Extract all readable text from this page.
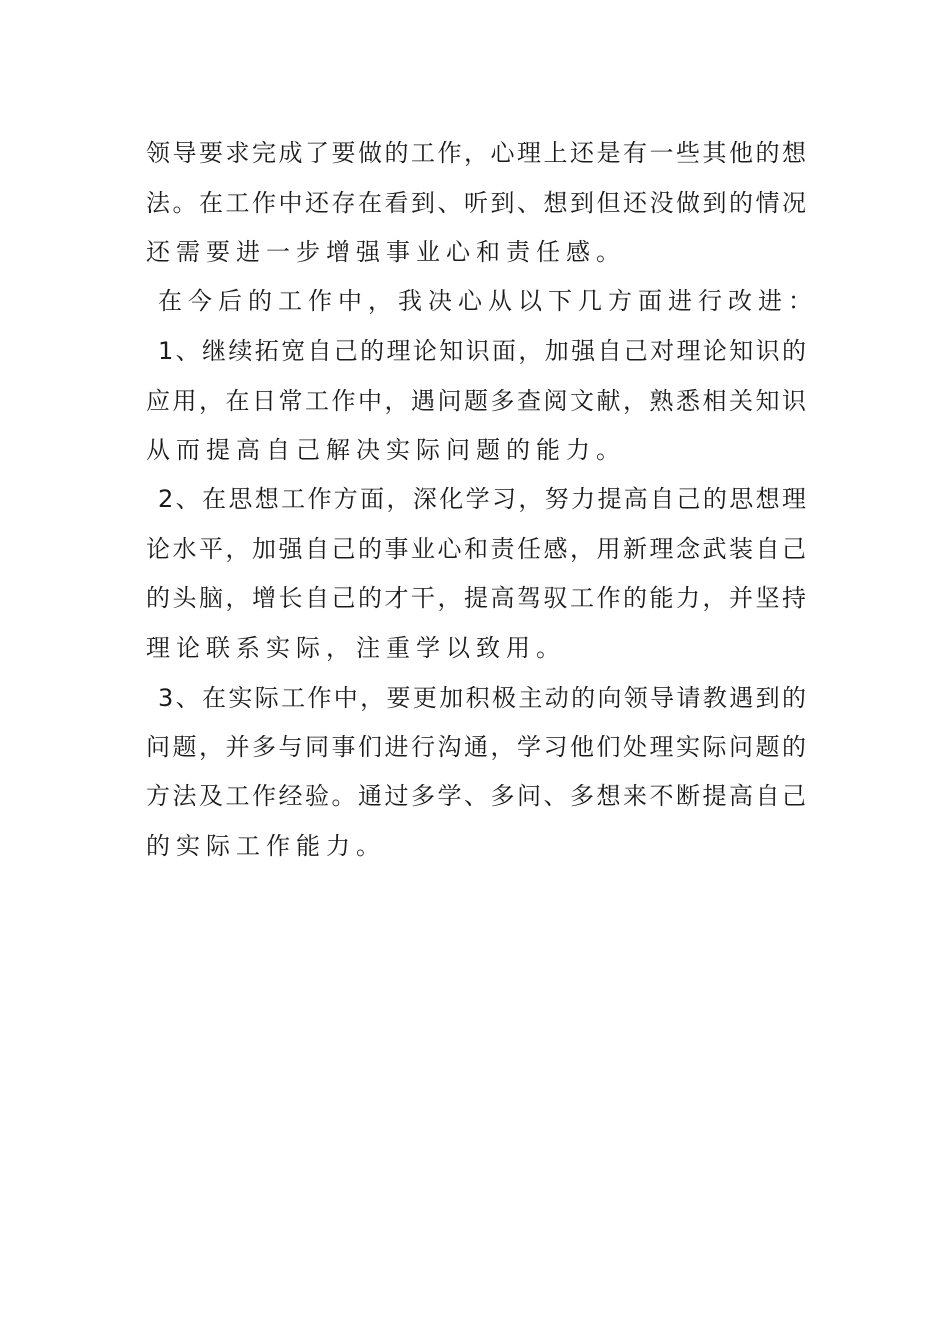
领导要求完成了要做的工作，心理上还是有一些其他的想
法。在工作中还存在看到、听到、想到但还没做到的情况
还需要进一步增强事业心和责任感。
在今后的工作中，我决心从以下几方面进行改进：
1、继续拓宽自己的理论知识面，加强自己对理论知识的
应用，在日常工作中，遇问题多查阅文献，熟悉相关知识
从而提高自己解决实际问题的能力。
2、在思想工作方面，深化学习，努力提高自己的思想理
论水平，加强自己的事业心和责任感，用新理念武装自己
的头脑，增长自己的才干，提高驾驭工作的能力，并坚持
理论联系实际，注重学以致用。
3、在实际工作中，要更加积极主动的向领导请教遇到的
问题，并多与同事们进行沟通，学习他们处理实际问题的
方法及工作经验。通过多学、多问、多想来不断提高自己
的实际工作能力。
